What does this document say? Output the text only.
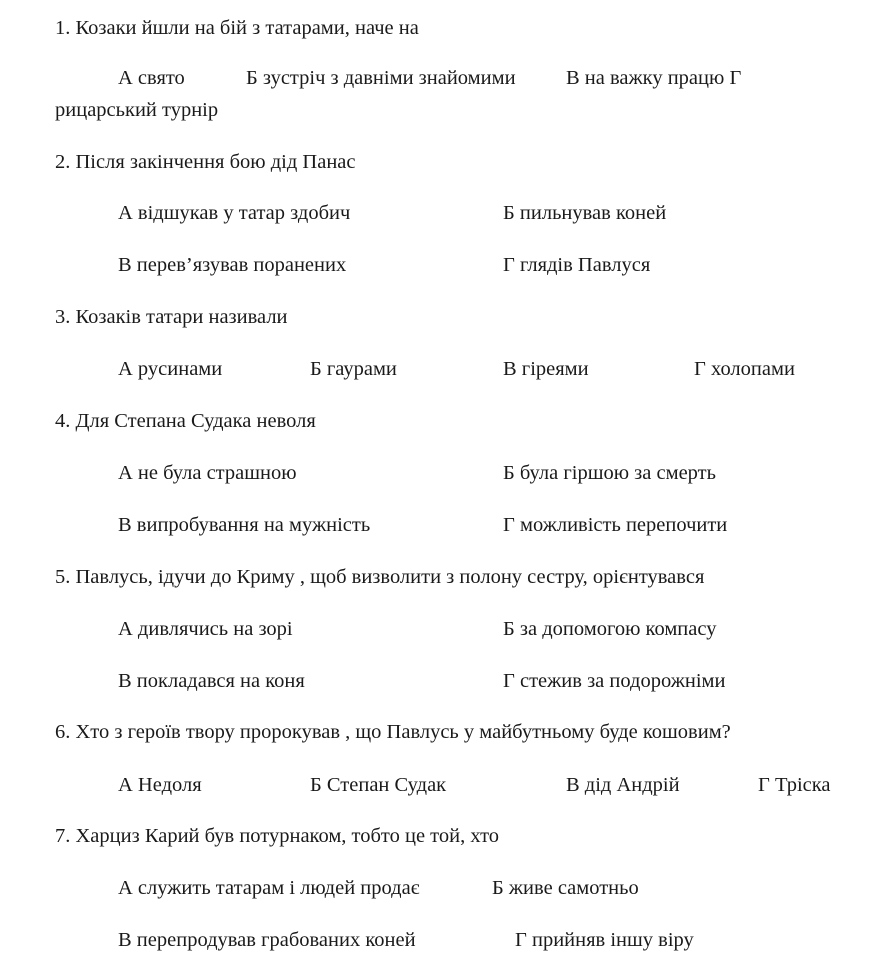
1. Козаки йшли на бій з татарами, наче на
А свято	Б зустріч з давніми знайомими В на важку працю Г
рицарський турнір
2. Після закінчення бою дід Панас
А відшукав у татар здобич	Б пильнував коней
В перев’язував поранених	Г глядів Павлуся
3. Козаків татари називали
А русинами	Б гаурами	В гіреями	Г холопами
4. Для Степана Судака неволя
А не була страшною	Б була гіршою за смерть
В випробування на мужність	Г можливість перепочити
5. Павлусь, ідучи до Криму , щоб визволити з полону сестру, орієнтувався
А дивлячись на зорі	Б за допомогою компасу
В покладався на коня	Г стежив за подорожніми
6. Хто з героїв твору пророкував , що Павлусь у майбутньому буде кошовим?
А Недоля	Б Степан Судак	В дід Андрій	Г Тріска
7. Харциз Карий був потурнаком, тобто це той, хто
А служить татарам і людей продає	Б живе самотньо
В перепродував грабованих коней	Г прийняв іншу віру
